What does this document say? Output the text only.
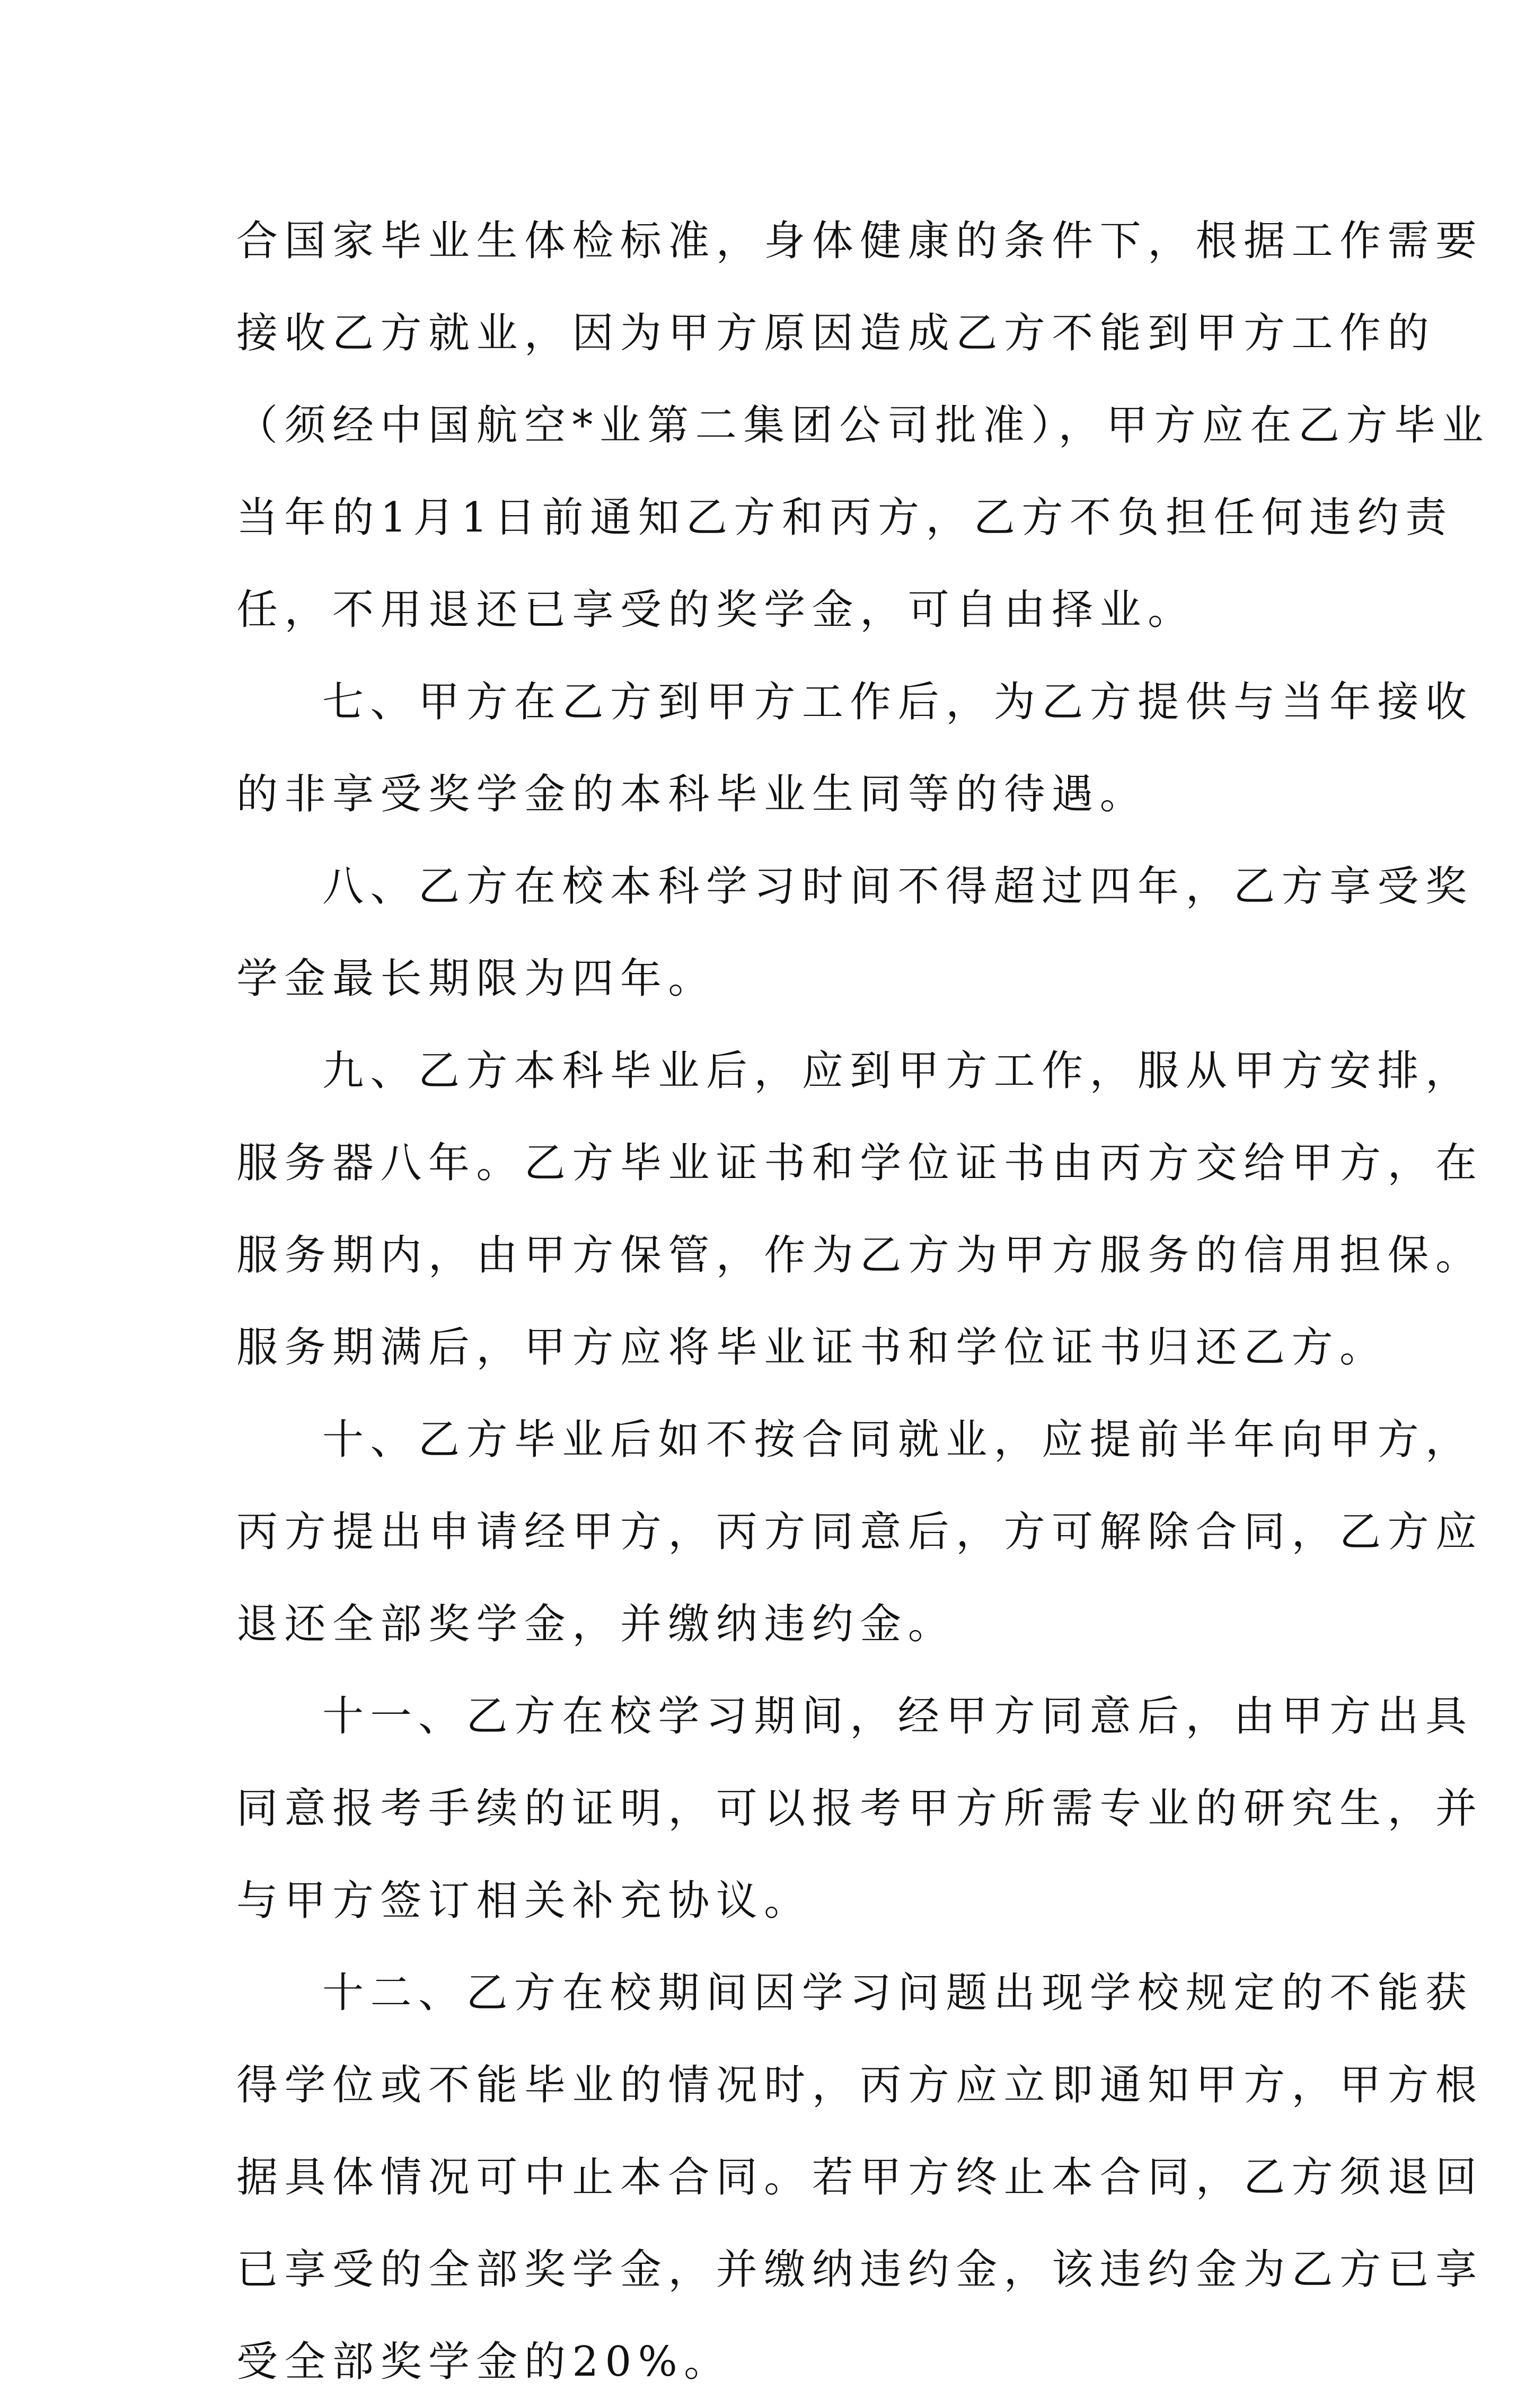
合国家毕业生体检标准，身体健康的条件下，根据工作需要
接收乙方就业，因为甲方原因造成乙方不能到甲方工作的
（须经中国航空*业第二集团公司批准），甲方应在乙方毕业
当年的1月1日前通知乙方和丙方，乙方不负担任何违约责
任，不用退还已享受的奖学金，可自由择业。

七、甲方在乙方到甲方工作后，为乙方提供与当年接收
的非享受奖学金的本科毕业生同等的待遇。

八、乙方在校本科学习时间不得超过四年，乙方享受奖
学金最长期限为四年。

九、乙方本科毕业后，应到甲方工作，服从甲方安排，
服务器八年。乙方毕业证书和学位证书由丙方交给甲方，在
服务期内，由甲方保管，作为乙方为甲方服务的信用担保。
服务期满后，甲方应将毕业证书和学位证书归还乙方。

十、乙方毕业后如不按合同就业，应提前半年向甲方，
丙方提出申请经甲方，丙方同意后，方可解除合同，乙方应
退还全部奖学金，并缴纳违约金。

十一、乙方在校学习期间，经甲方同意后，由甲方出具
同意报考手续的证明，可以报考甲方所需专业的研究生，并
与甲方签订相关补充协议。

十二、乙方在校期间因学习问题出现学校规定的不能获
得学位或不能毕业的情况时，丙方应立即通知甲方，甲方根
据具体情况可中止本合同。若甲方终止本合同，乙方须退回
已享受的全部奖学金，并缴纳违约金，该违约金为乙方已享
受全部奖学金的20%。
